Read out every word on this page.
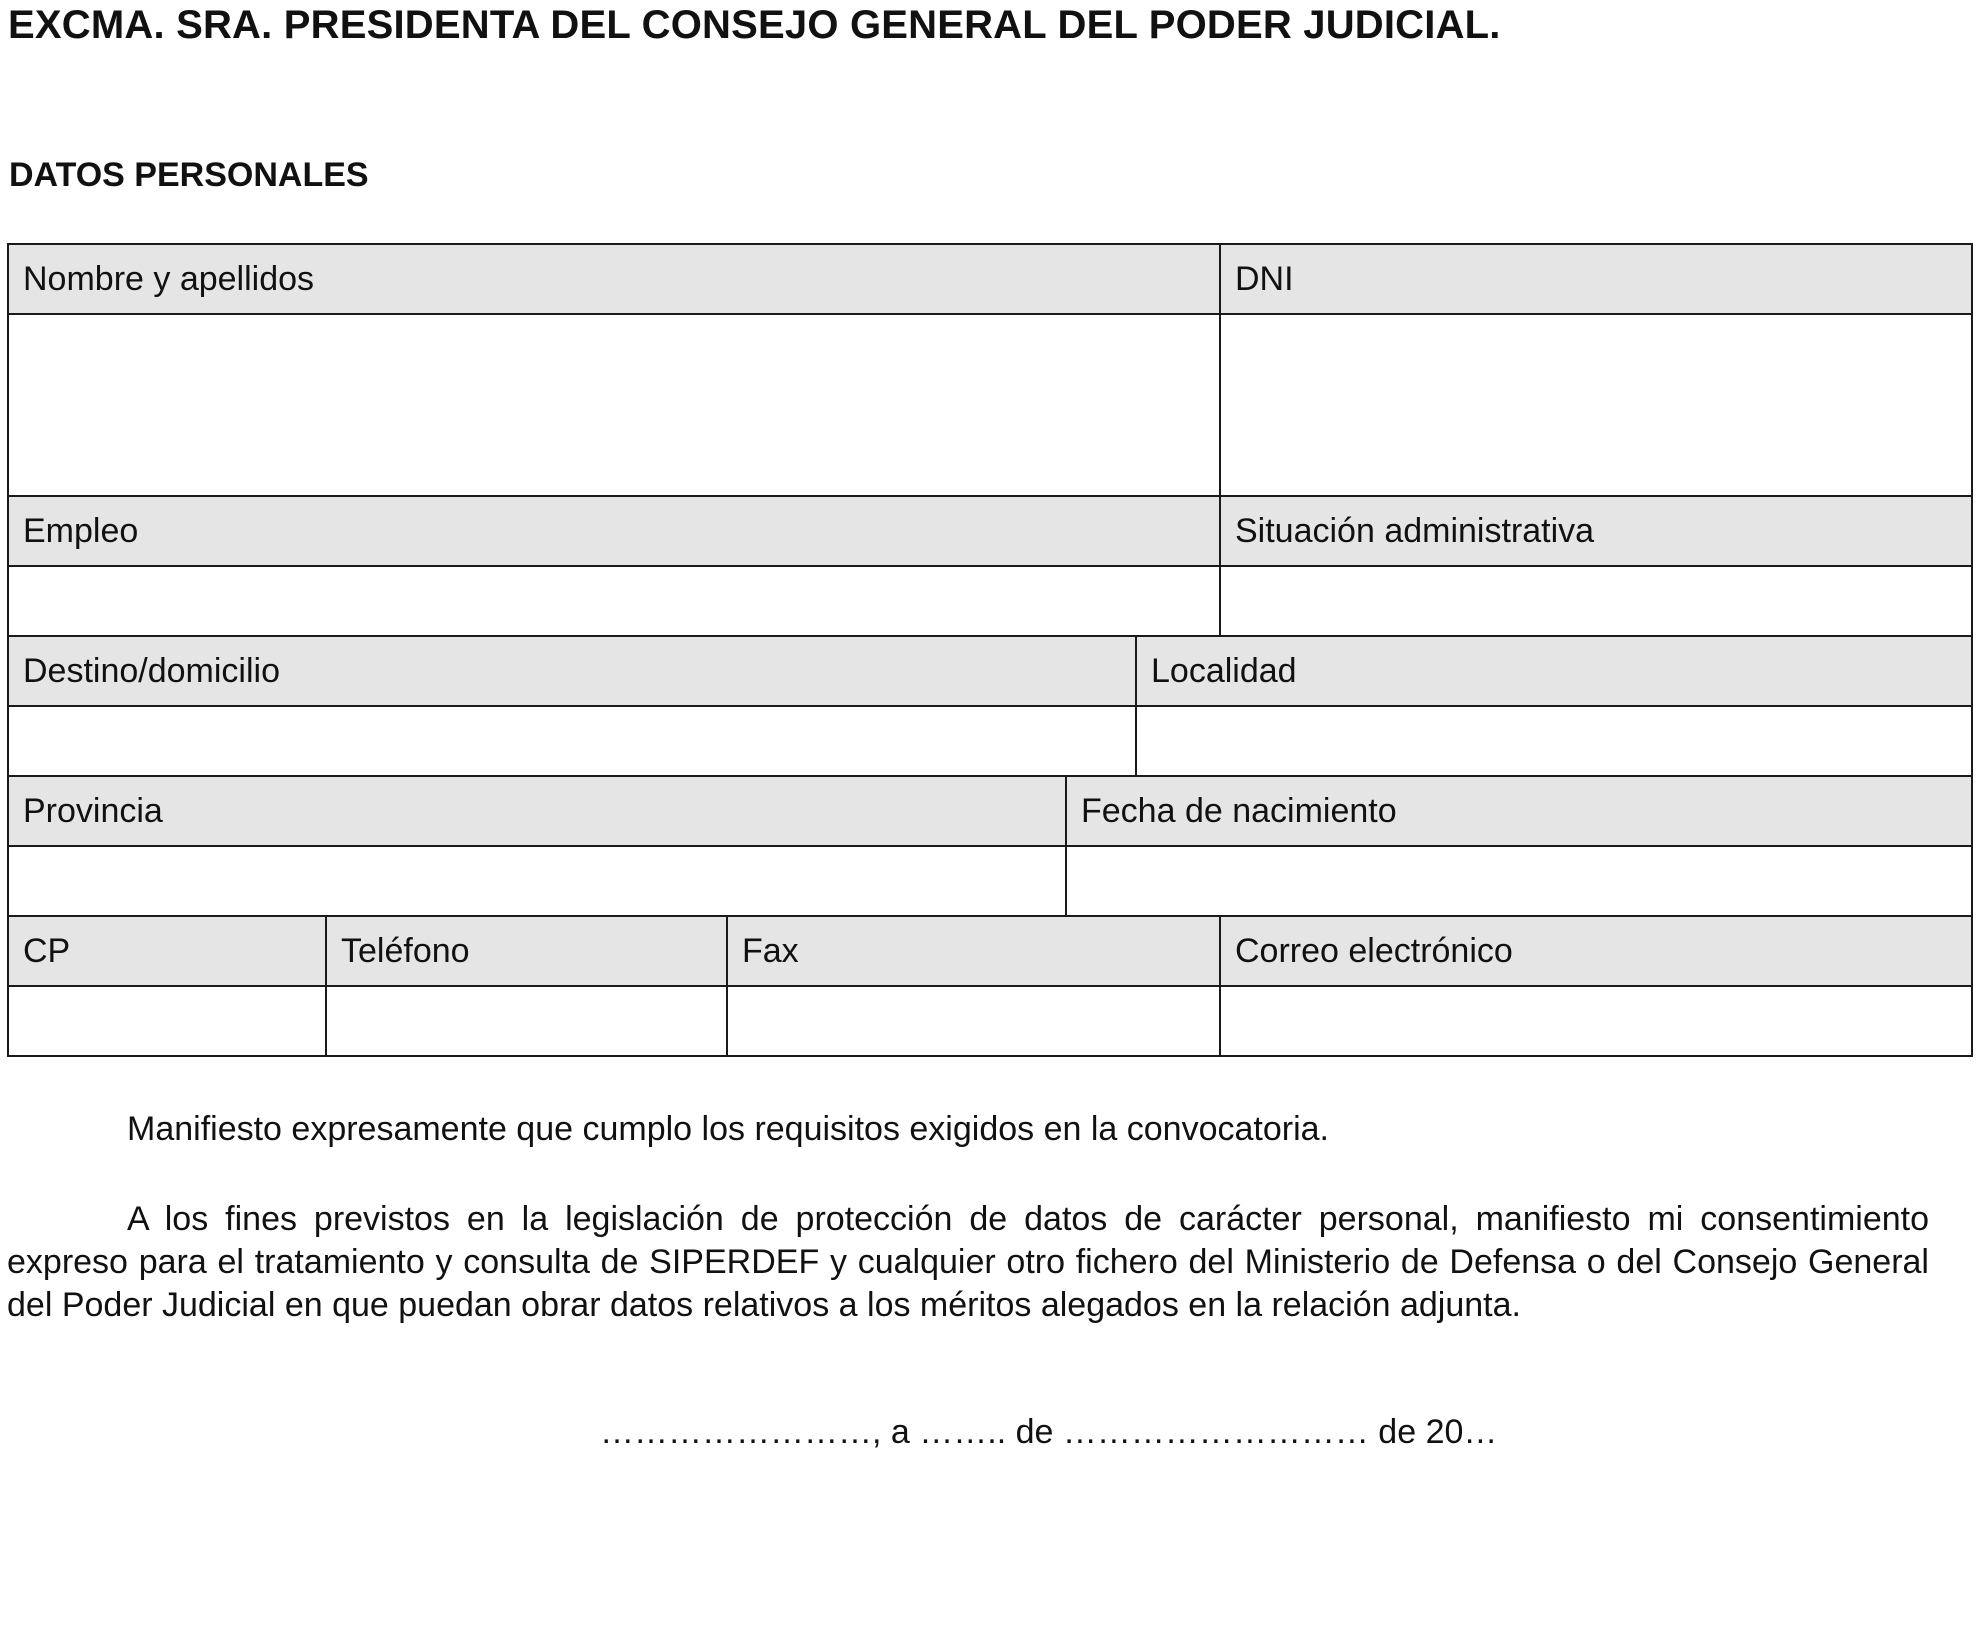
EXCMA. SRA. PRESIDENTA DEL CONSEJO GENERAL DEL PODER JUDICIAL.
DATOS PERSONALES
Nombre y apellidos	DNI

Empleo	Situación administrativa

Destino/domicilio	Localidad

Provincia	Fecha de nacimiento

CP	Teléfono	Fax	Correo electrónico

Manifiesto expresamente que cumplo los requisitos exigidos en la convocatoria.

A los fines previstos en la legislación de protección de datos de carácter personal, manifiesto mi consentimiento expreso para el tratamiento y consulta de SIPERDEF y cualquier otro fichero del Ministerio de Defensa o del Consejo General del Poder Judicial en que puedan obrar datos relativos a los méritos alegados en la relación adjunta.

……………………, a …….. de ……………………… de 20…
